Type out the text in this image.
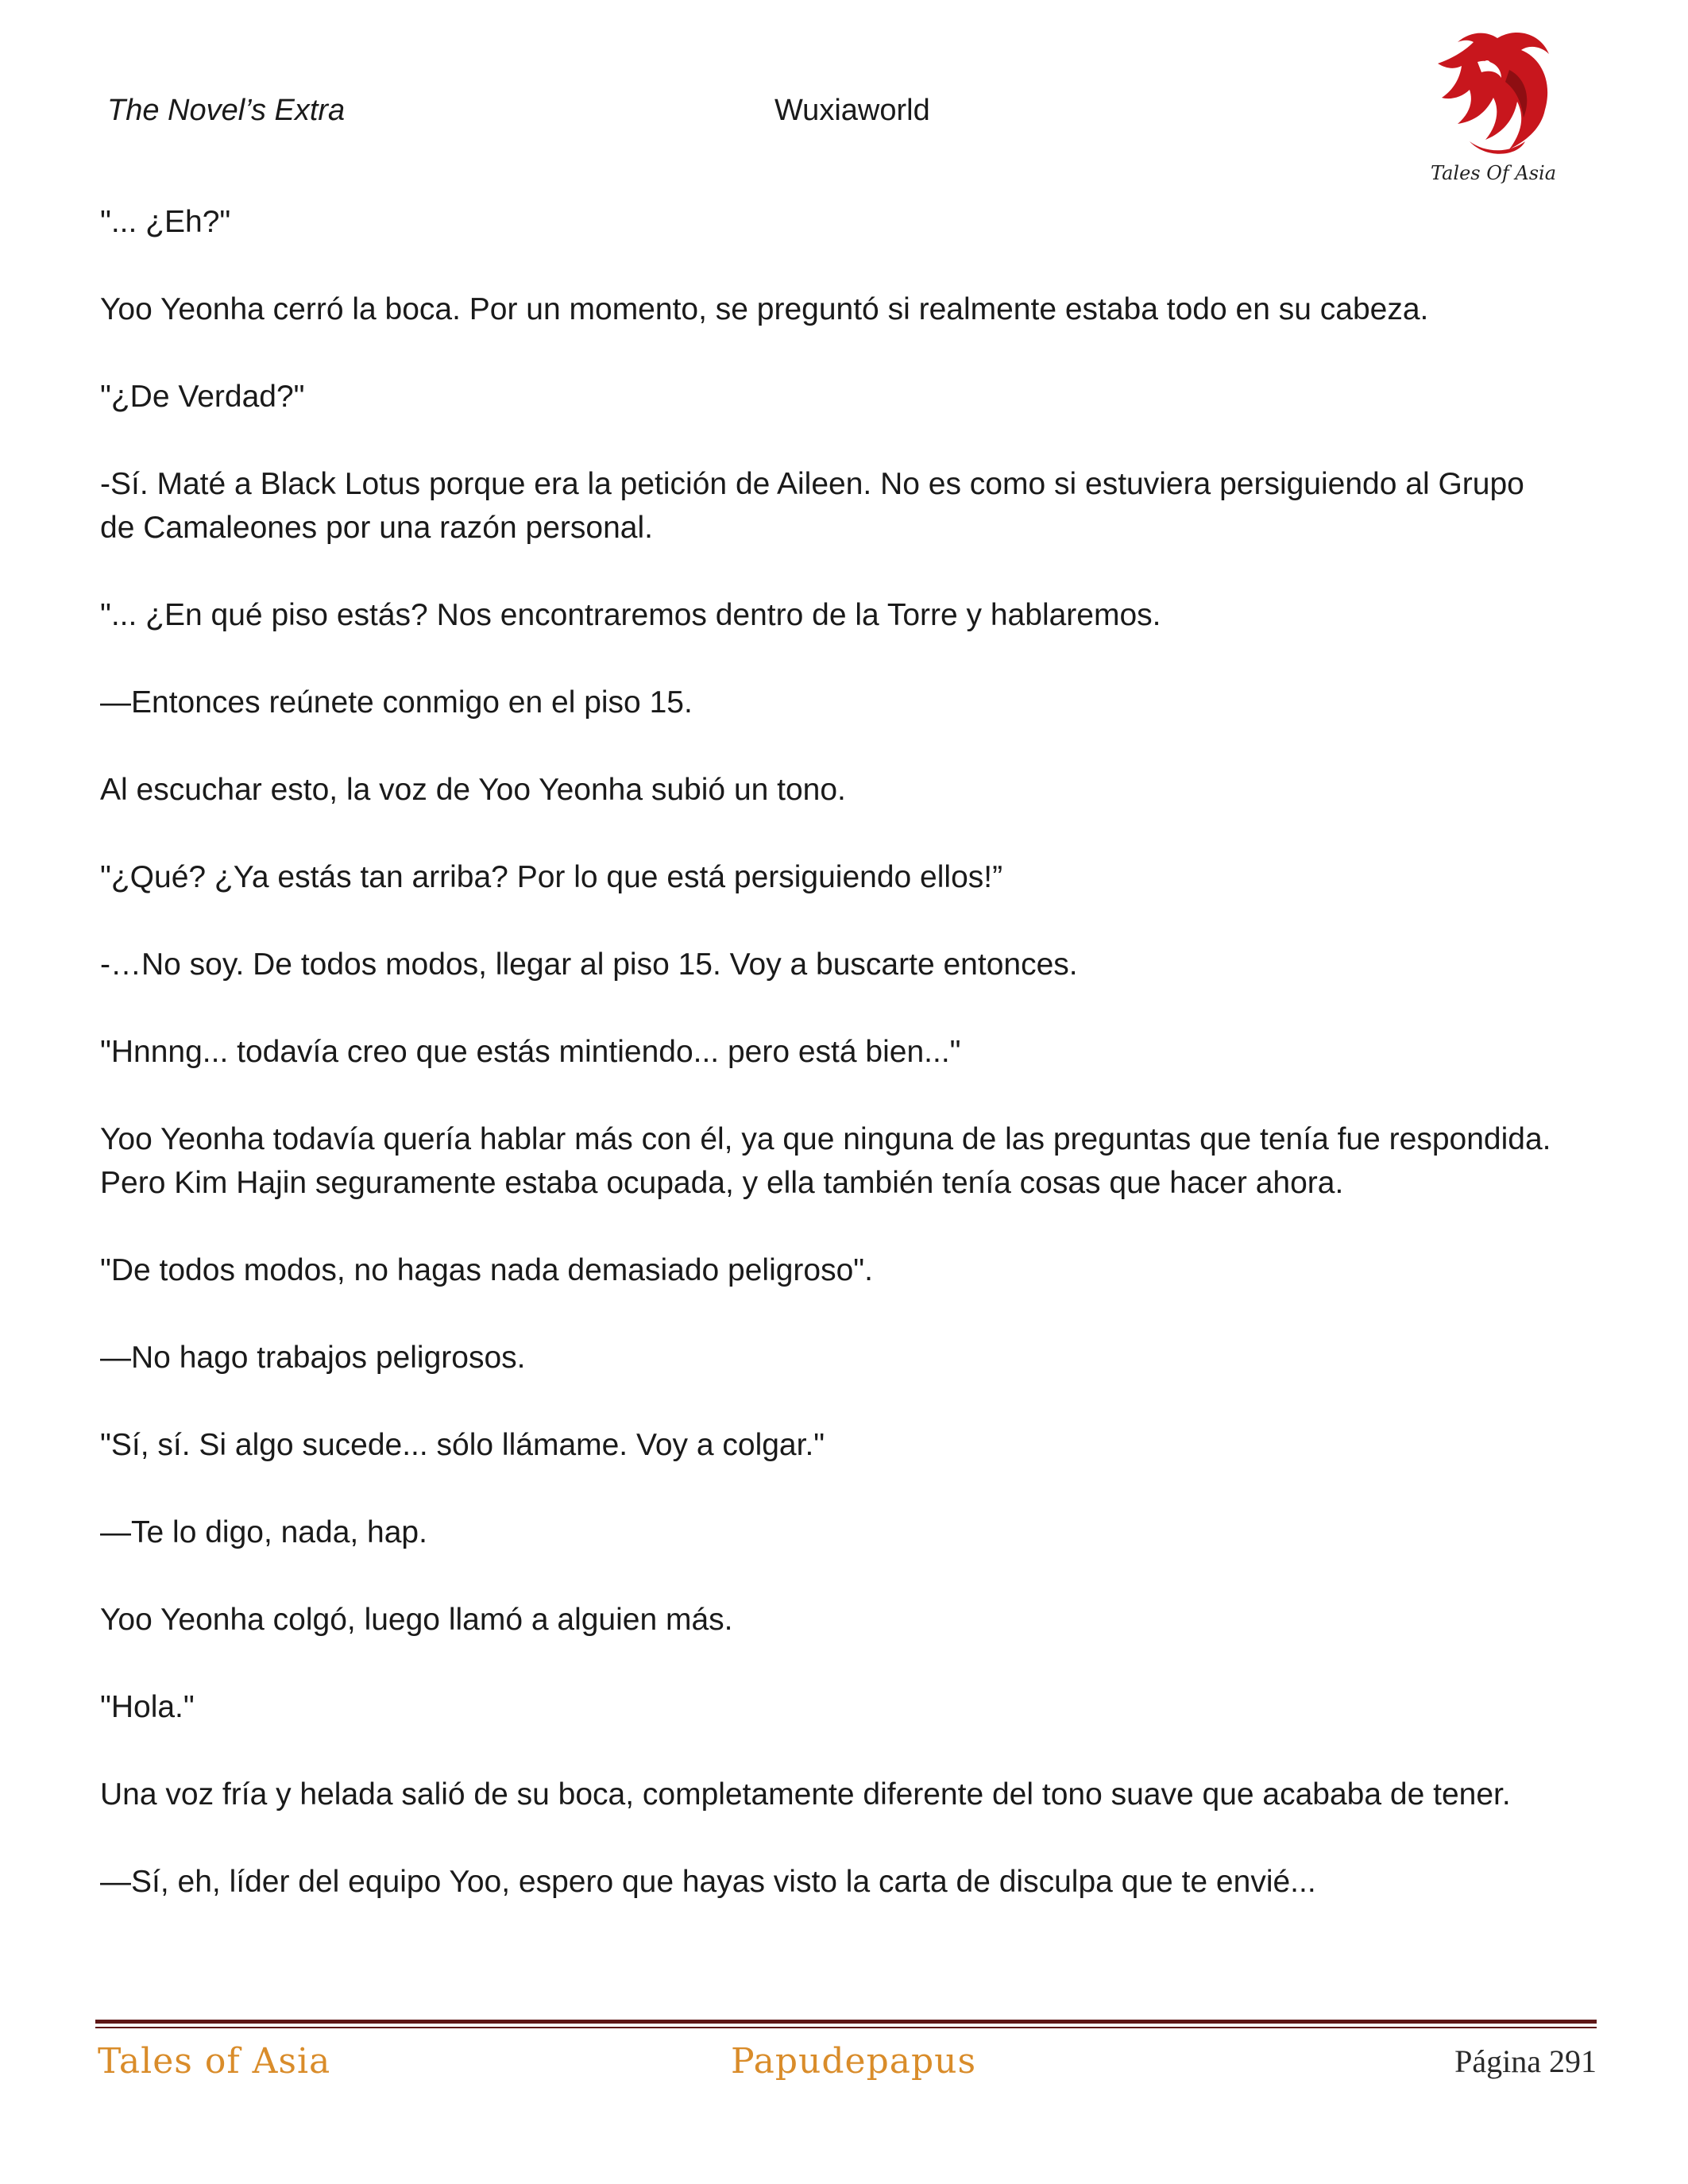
The Novel’s Extra	Wuxiaworld
Tales Of Asia

"... ¿Eh?"

Yoo Yeonha cerró la boca. Por un momento, se preguntó si realmente estaba todo en su cabeza.

"¿De Verdad?"

-Sí. Maté a Black Lotus porque era la petición de Aileen. No es como si estuviera persiguiendo al Grupo de Camaleones por una razón personal.

"... ¿En qué piso estás? Nos encontraremos dentro de la Torre y hablaremos.

—Entonces reúnete conmigo en el piso 15.

Al escuchar esto, la voz de Yoo Yeonha subió un tono.

"¿Qué? ¿Ya estás tan arriba? Por lo que está persiguiendo ellos!”

-…No soy. De todos modos, llegar al piso 15. Voy a buscarte entonces.

"Hnnng... todavía creo que estás mintiendo... pero está bien..."

Yoo Yeonha todavía quería hablar más con él, ya que ninguna de las preguntas que tenía fue respondida. Pero Kim Hajin seguramente estaba ocupada, y ella también tenía cosas que hacer ahora.

"De todos modos, no hagas nada demasiado peligroso".

—No hago trabajos peligrosos.

"Sí, sí. Si algo sucede... sólo llámame. Voy a colgar."

—Te lo digo, nada, hap.

Yoo Yeonha colgó, luego llamó a alguien más.

"Hola."

Una voz fría y helada salió de su boca, completamente diferente del tono suave que acababa de tener.

—Sí, eh, líder del equipo Yoo, espero que hayas visto la carta de disculpa que te envié...

Tales of Asia	Papudepapus	Página 291
